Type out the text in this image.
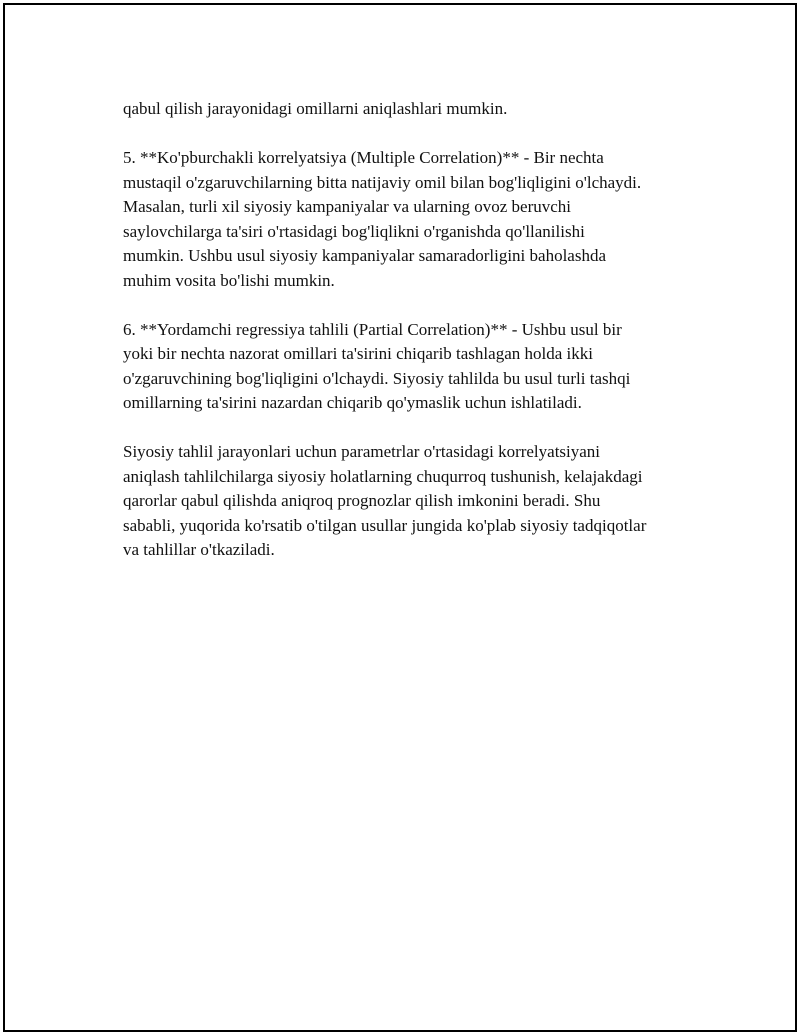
qabul qilish jarayonidagi omillarni aniqlashlari mumkin.

5. **Ko'pburchakli korrelyatsiya (Multiple Correlation)** - Bir nechta
mustaqil o'zgaruvchilarning bitta natijaviy omil bilan bog'liqligini o'lchaydi.
Masalan, turli xil siyosiy kampaniyalar va ularning ovoz beruvchi
saylovchilarga ta'siri o'rtasidagi bog'liqlikni o'rganishda qo'llanilishi
mumkin. Ushbu usul siyosiy kampaniyalar samaradorligini baholashda
muhim vosita bo'lishi mumkin.

6. **Yordamchi regressiya tahlili (Partial Correlation)** - Ushbu usul bir
yoki bir nechta nazorat omillari ta'sirini chiqarib tashlagan holda ikki
o'zgaruvchining bog'liqligini o'lchaydi. Siyosiy tahlilda bu usul turli tashqi
omillarning ta'sirini nazardan chiqarib qo'ymaslik uchun ishlatiladi.

Siyosiy tahlil jarayonlari uchun parametrlar o'rtasidagi korrelyatsiyani
aniqlash tahlilchilarga siyosiy holatlarning chuqurroq tushunish, kelajakdagi
qarorlar qabul qilishda aniqroq prognozlar qilish imkonini beradi. Shu
sababli, yuqorida ko'rsatib o'tilgan usullar jungida ko'plab siyosiy tadqiqotlar
va tahlillar o'tkaziladi.
